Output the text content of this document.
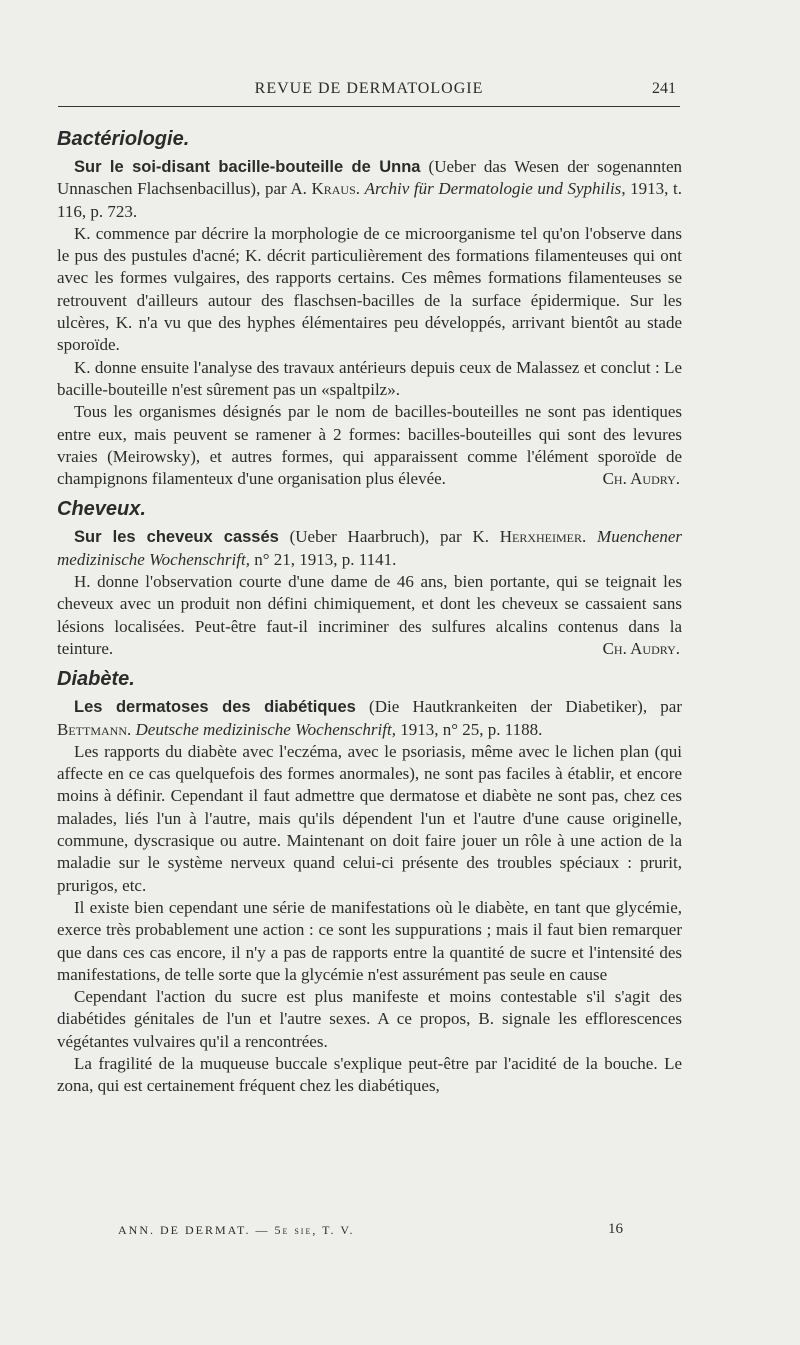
REVUE DE DERMATOLOGIE	241
Bactériologie.

Sur le soi-disant bacille-bouteille de Unna (Ueber das Wesen der sogenannten Unnaschen Flachsenbacillus), par A. Kraus. Archiv für Dermatologie und Syphilis, 1913, t. 116, p. 723.

K. commence par décrire la morphologie de ce microorganisme tel qu'on l'observe dans le pus des pustules d'acné; K. décrit particulièrement des formations filamenteuses qui ont avec les formes vulgaires, des rapports certains. Ces mêmes formations filamenteuses se retrouvent d'ailleurs autour des flaschsen-bacilles de la surface épidermique. Sur les ulcères, K. n'a vu que des hyphes élémentaires peu développés, arrivant bientôt au stade sporoïde.

K. donne ensuite l'analyse des travaux antérieurs depuis ceux de Malassez et conclut : Le bacille-bouteille n'est sûrement pas un «spaltpilz».

Tous les organismes désignés par le nom de bacilles-bouteilles ne sont pas identiques entre eux, mais peuvent se ramener à 2 formes: bacilles-bouteilles qui sont des levures vraies (Meirowsky), et autres formes, qui apparaissent comme l'élément sporoïde de champignons filamenteux d'une organisation plus élevée.	Ch. Audry.

Cheveux.

Sur les cheveux cassés (Ueber Haarbruch), par K. Herxheimer. Muenchener medizinische Wochenschrift, n° 21, 1913, p. 1141.

H. donne l'observation courte d'une dame de 46 ans, bien portante, qui se teignait les cheveux avec un produit non défini chimiquement, et dont les cheveux se cassaient sans lésions localisées. Peut-être faut-il incriminer des sulfures alcalins contenus dans la teinture.	Ch. Audry.

Diabète.

Les dermatoses des diabétiques (Die Hautkrankeiten der Diabetiker), par Bettmann. Deutsche medizinische Wochenschrift, 1913, n° 25, p. 1188.

Les rapports du diabète avec l'eczéma, avec le psoriasis, même avec le lichen plan (qui affecte en ce cas quelquefois des formes anormales), ne sont pas faciles à établir, et encore moins à définir. Cependant il faut admettre que dermatose et diabète ne sont pas, chez ces malades, liés l'un à l'autre, mais qu'ils dépendent l'un et l'autre d'une cause originelle, commune, dyscrasique ou autre. Maintenant on doit faire jouer un rôle à une action de la maladie sur le système nerveux quand celui-ci présente des troubles spéciaux : prurit, prurigos, etc.

Il existe bien cependant une série de manifestations où le diabète, en tant que glycémie, exerce très probablement une action : ce sont les suppurations ; mais il faut bien remarquer que dans ces cas encore, il n'y a pas de rapports entre la quantité de sucre et l'intensité des manifestations, de telle sorte que la glycémie n'est assurément pas seule en cause

Cependant l'action du sucre est plus manifeste et moins contestable s'il s'agit des diabétides génitales de l'un et l'autre sexes. A ce propos, B. signale les efflorescences végétantes vulvaires qu'il a rencontrées.

La fragilité de la muqueuse buccale s'explique peut-être par l'acidité de la bouche. Le zona, qui est certainement fréquent chez les diabétiques,

ANN. DE DERMAT. — 5e sie, T. V.	16
